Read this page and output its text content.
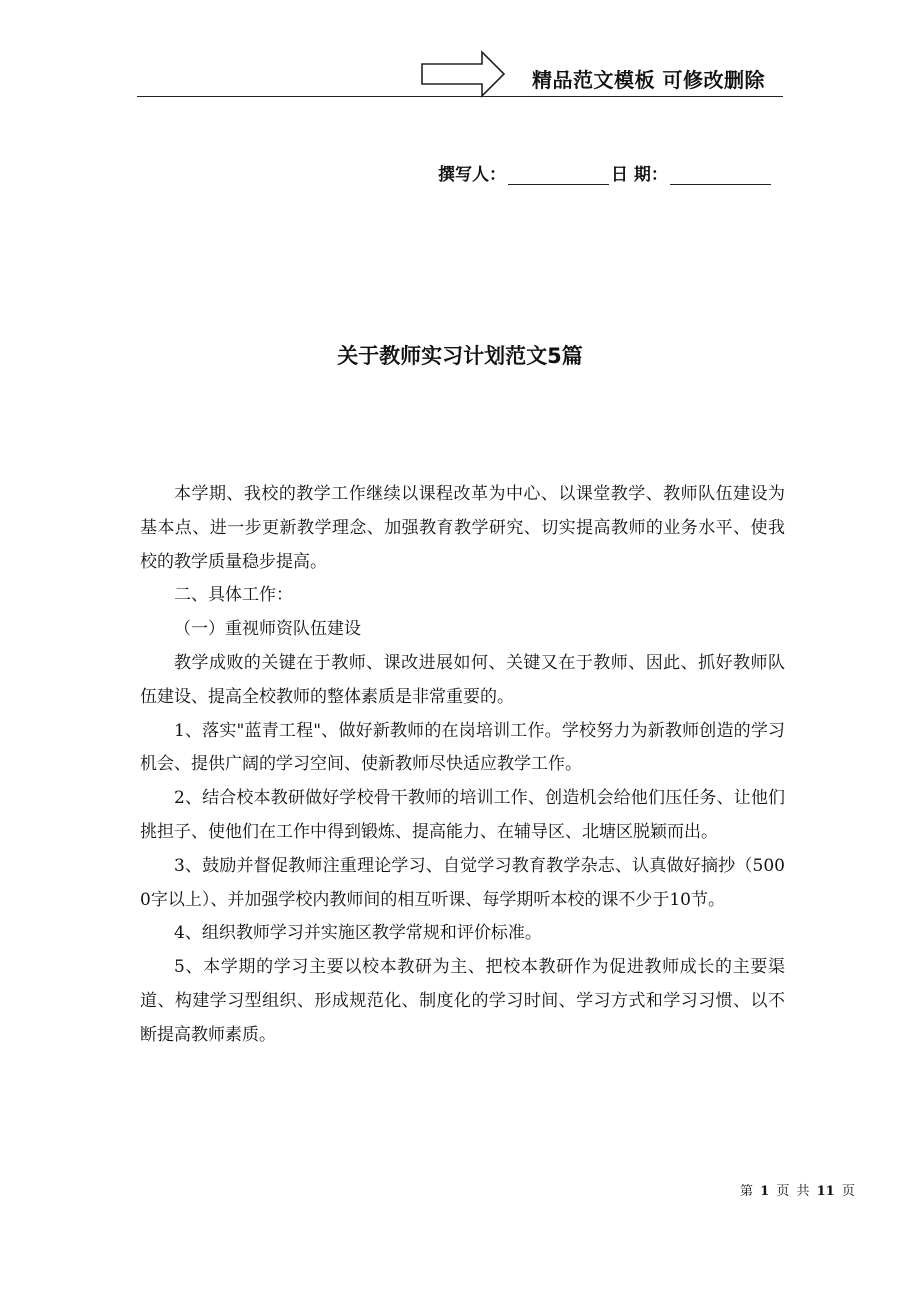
精品范文模板 可修改删除
撰写人：	日 期：
关于教师实习计划范文5篇

本学期、我校的教学工作继续以课程改革为中心、以课堂教学、教师队伍建设为基本点、进一步更新教学理念、加强教育教学研究、切实提高教师的业务水平、使我校的教学质量稳步提高。

二、具体工作：

（一）重视师资队伍建设

教学成败的关键在于教师、课改进展如何、关键又在于教师、因此、抓好教师队伍建设、提高全校教师的整体素质是非常重要的。

1、落实"蓝青工程"、做好新教师的在岗培训工作。学校努力为新教师创造的学习机会、提供广阔的学习空间、使新教师尽快适应教学工作。

2、结合校本教研做好学校骨干教师的培训工作、创造机会给他们压任务、让他们挑担子、使他们在工作中得到锻炼、提高能力、在辅导区、北塘区脱颖而出。

3、鼓励并督促教师注重理论学习、自觉学习教育教学杂志、认真做好摘抄（5000字以上）、并加强学校内教师间的相互听课、每学期听本校的课不少于10节。

4、组织教师学习并实施区教学常规和评价标准。

5、本学期的学习主要以校本教研为主、把校本教研作为促进教师成长的主要渠道、构建学习型组织、形成规范化、制度化的学习时间、学习方式和学习习惯、以不断提高教师素质。

第 1 页 共 11 页
